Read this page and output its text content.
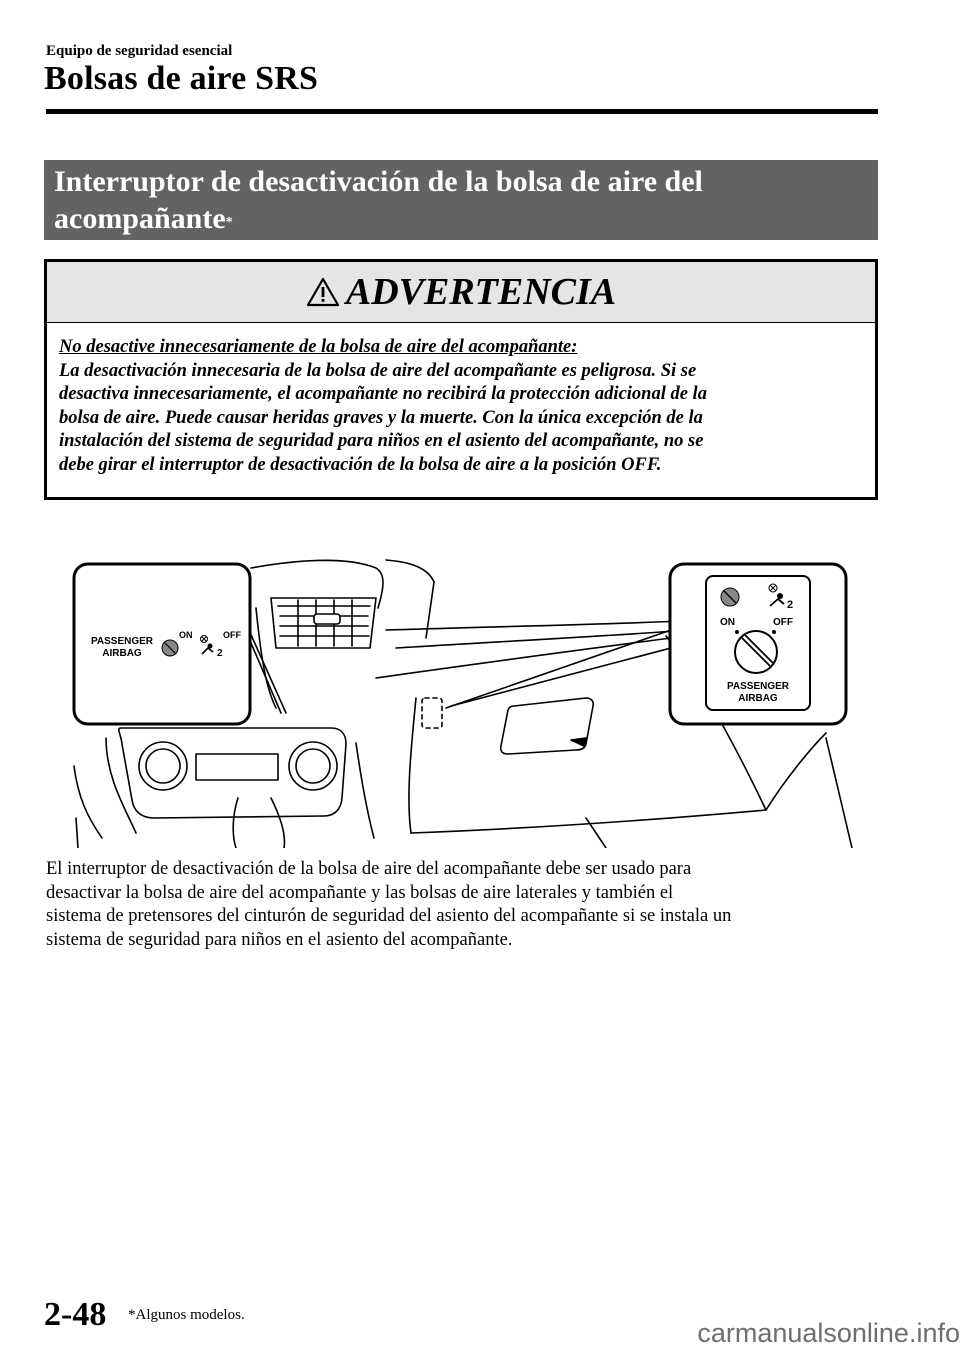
Equipo de seguridad esencial
Bolsas de aire SRS
Interruptor de desactivación de la bolsa de aire del acompañante*
ADVERTENCIA
No desactive innecesariamente de la bolsa de aire del acompañante:
La desactivación innecesaria de la bolsa de aire del acompañante es peligrosa. Si se
desactiva innecesariamente, el acompañante no recibirá la protección adicional de la
bolsa de aire. Puede causar heridas graves y la muerte. Con la única excepción de la
instalación del sistema de seguridad para niños en el asiento del acompañante, no se
debe girar el interruptor de desactivación de la bolsa de aire a la posición OFF.
PASSENGER
AIRBAG
ON	OFF
2
2
ON	OFF
PASSENGER
AIRBAG
El interruptor de desactivación de la bolsa de aire del acompañante debe ser usado para
desactivar la bolsa de aire del acompañante y las bolsas de aire laterales y también el
sistema de pretensores del cinturón de seguridad del asiento del acompañante si se instala un
sistema de seguridad para niños en el asiento del acompañante.
2-48 *Algunos modelos.
carmanualsonline.info
